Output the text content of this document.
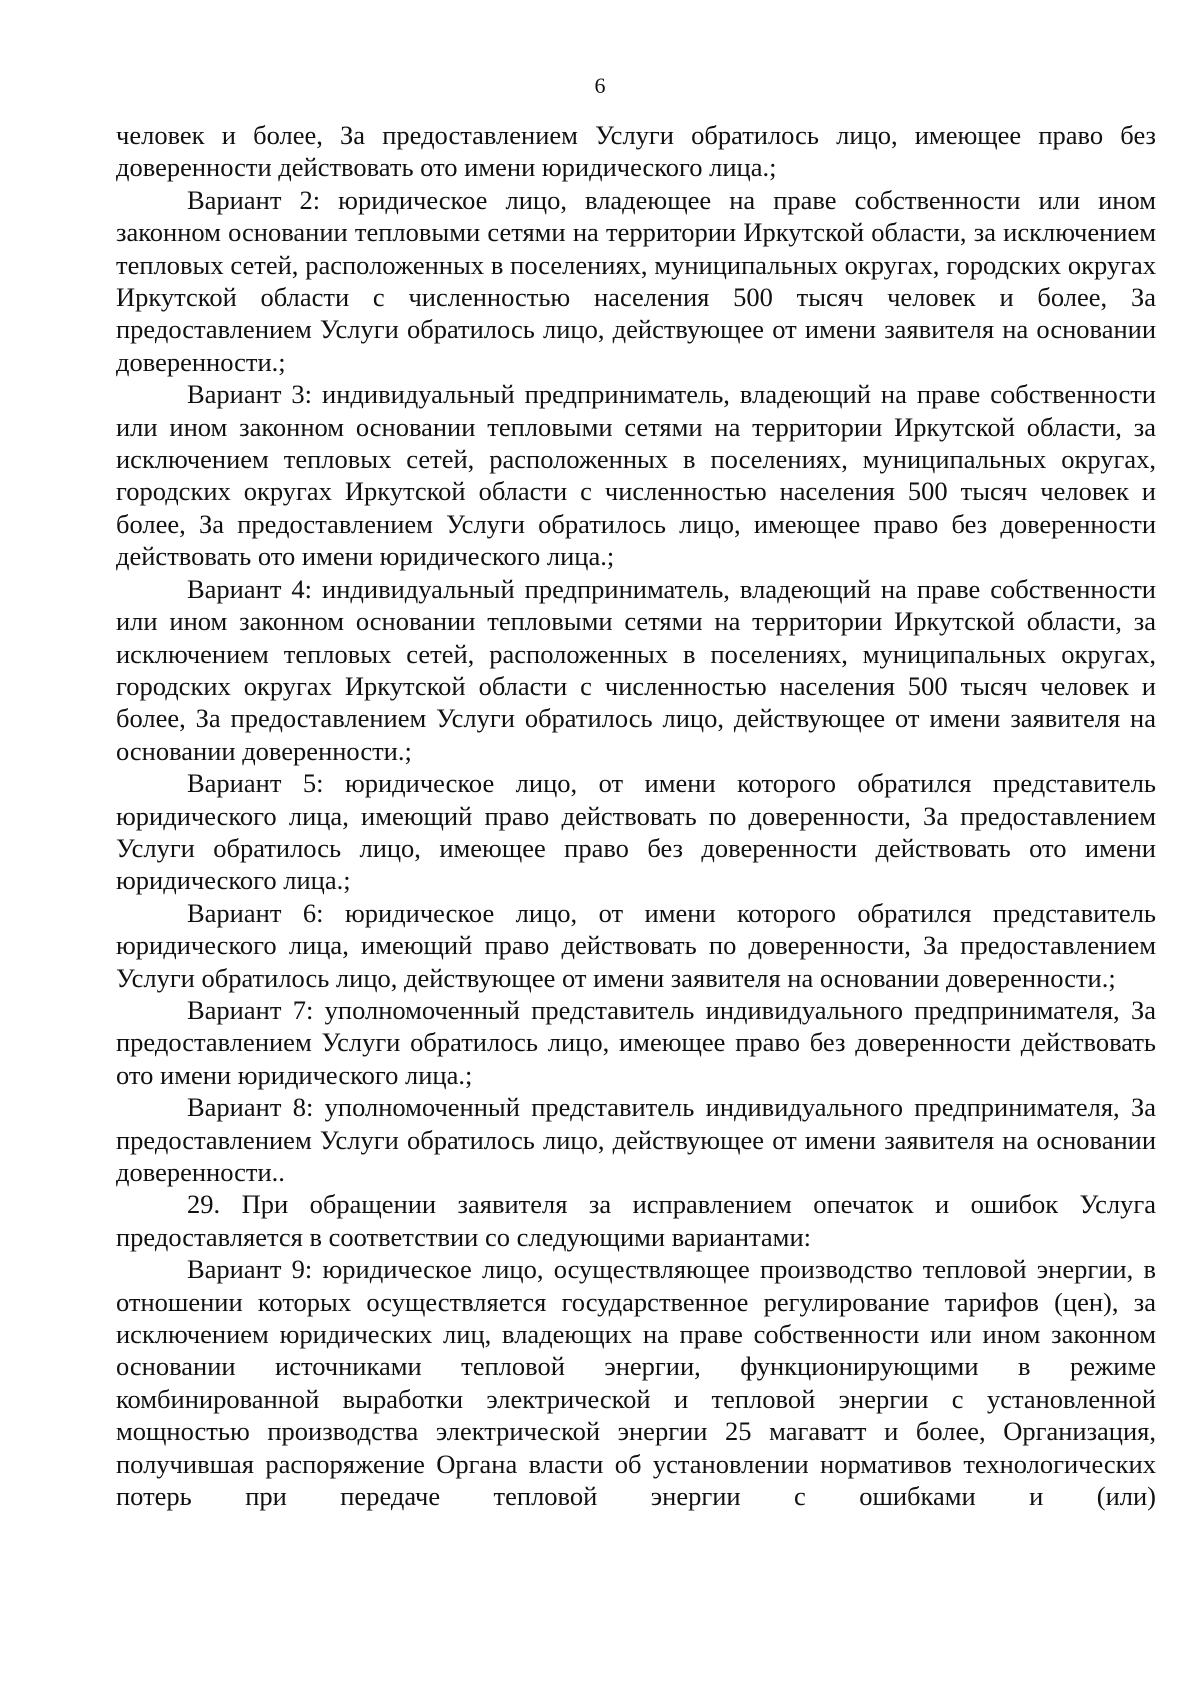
6

человек и более, За предоставлением Услуги обратилось лицо, имеющее право без доверенности действовать ото имени юридического лица.;

Вариант 2: юридическое лицо, владеющее на праве собственности или ином законном основании тепловыми сетями на территории Иркутской области, за исключением тепловых сетей, расположенных в поселениях, муниципальных округах, городских округах Иркутской области с численностью населения 500 тысяч человек и более, За предоставлением Услуги обратилось лицо, действующее от имени заявителя на основании доверенности.;

Вариант 3: индивидуальный предприниматель, владеющий на праве собственности или ином законном основании тепловыми сетями на территории Иркутской области, за исключением тепловых сетей, расположенных в поселениях, муниципальных округах, городских округах Иркутской области с численностью населения 500 тысяч человек и более, За предоставлением Услуги обратилось лицо, имеющее право без доверенности действовать ото имени юридического лица.;

Вариант 4: индивидуальный предприниматель, владеющий на праве собственности или ином законном основании тепловыми сетями на территории Иркутской области, за исключением тепловых сетей, расположенных в поселениях, муниципальных округах, городских округах Иркутской области с численностью населения 500 тысяч человек и более, За предоставлением Услуги обратилось лицо, действующее от имени заявителя на основании доверенности.;

Вариант 5: юридическое лицо, от имени которого обратился представитель юридического лица, имеющий право действовать по доверенности, За предоставлением Услуги обратилось лицо, имеющее право без доверенности действовать ото имени юридического лица.;

Вариант 6: юридическое лицо, от имени которого обратился представитель юридического лица, имеющий право действовать по доверенности, За предоставлением Услуги обратилось лицо, действующее от имени заявителя на основании доверенности.;

Вариант 7: уполномоченный представитель индивидуального предпринимателя, За предоставлением Услуги обратилось лицо, имеющее право без доверенности действовать ото имени юридического лица.;

Вариант 8: уполномоченный представитель индивидуального предпринимателя, За предоставлением Услуги обратилось лицо, действующее от имени заявителя на основании доверенности..

29. При обращении заявителя за исправлением опечаток и ошибок Услуга предоставляется в соответствии со следующими вариантами:

Вариант 9: юридическое лицо, осуществляющее производство тепловой энергии, в отношении которых осуществляется государственное регулирование тарифов (цен), за исключением юридических лиц, владеющих на праве собственности или ином законном основании источниками тепловой энергии, функционирующими в режиме комбинированной выработки электрической и тепловой энергии с установленной мощностью производства электрической энергии 25 магаватт и более, Организация, получившая распоряжение Органа власти об установлении нормативов технологических потерь при передаче тепловой энергии с ошибками и (или)
